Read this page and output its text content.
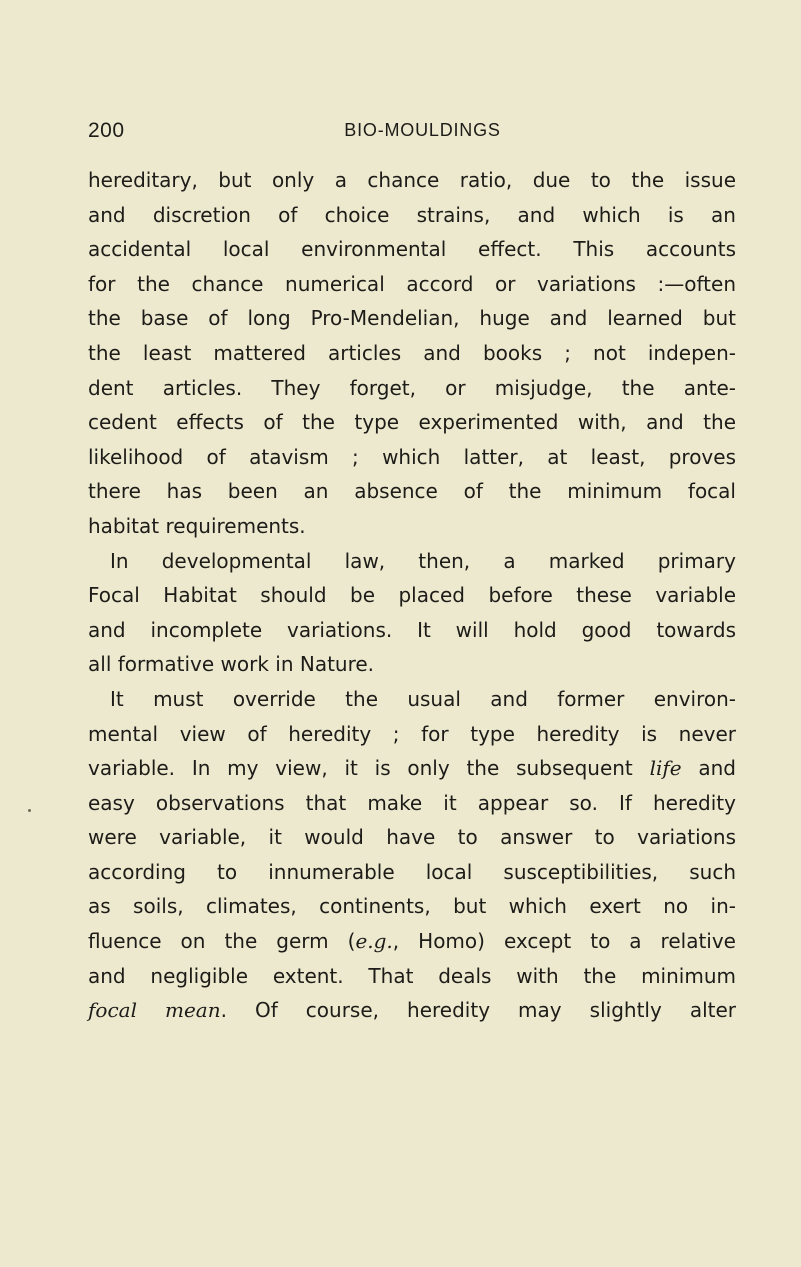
200	BIO-MOULDINGS
hereditary, but only a chance ratio, due to the issue
and discretion of choice strains, and which is an
accidental local environmental effect. This accounts
for the chance numerical accord or variations :—often
the base of long Pro-Mendelian, huge and learned but
the least mattered articles and books ; not indepen-
dent articles. They forget, or misjudge, the ante-
cedent effects of the type experimented with, and the
likelihood of atavism ; which latter, at least, proves
there has been an absence of the minimum focal
habitat requirements.
In developmental law, then, a marked primary
Focal Habitat should be placed before these variable
and incomplete variations. It will hold good towards
all formative work in Nature.
It must override the usual and former environ-
mental view of heredity ; for type heredity is never
variable. In my view, it is only the subsequent life and
easy observations that make it appear so. If heredity
were variable, it would have to answer to variations
according to innumerable local susceptibilities, such
as soils, climates, continents, but which exert no in-
fluence on the germ (e.g., Homo) except to a relative
and negligible extent. That deals with the minimum
focal mean. Of course, heredity may slightly alter
